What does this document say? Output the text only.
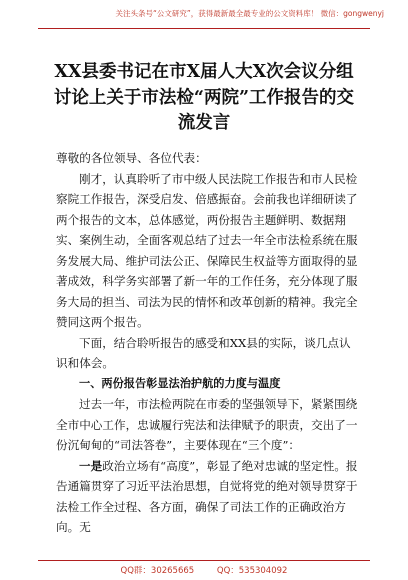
关注头条号“公文研究”，获得最新最全最专业的公文资料库！ 微信：gongwenyj
XX县委书记在市X届人大X次会议分组
讨论上关于市法检“两院”工作报告的交
流发言

尊敬的各位领导、各位代表：

刚才，认真聆听了市中级人民法院工作报告和市人民检察院工作报告，深受启发、倍感振奋。会前我也详细研读了两个报告的文本，总体感觉，两份报告主题鲜明、数据翔实、案例生动，全面客观总结了过去一年全市法检系统在服务发展大局、维护司法公正、保障民生权益等方面取得的显著成效，科学务实部署了新一年的工作任务，充分体现了服务大局的担当、司法为民的情怀和改革创新的精神。我完全赞同这两个报告。

下面，结合聆听报告的感受和XX县的实际，谈几点认识和体会。

一、两份报告彰显法治护航的力度与温度

过去一年，市法检两院在市委的坚强领导下，紧紧围绕全市中心工作，忠诚履行宪法和法律赋予的职责，交出了一份沉甸甸的“司法答卷”，主要体现在“三个度”：

一是政治立场有“高度”，彰显了绝对忠诚的坚定性。报告通篇贯穿了习近平法治思想，自觉将党的绝对领导贯穿于法检工作全过程、各方面，确保了司法工作的正确政治方向。无

QQ群：30265665	QQ：535304092
